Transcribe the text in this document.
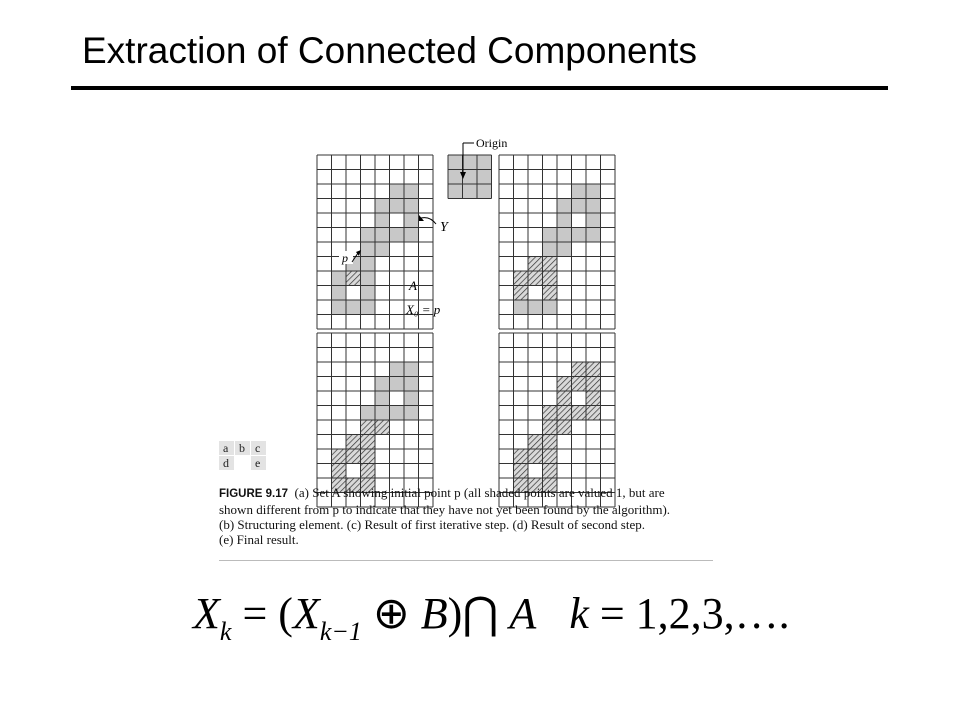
Extraction of Connected Components
Origin
Y
p
A
X₀ = p
a b c
d e
FIGURE 9.17 (a) Set A showing initial point p (all shaded points are valued 1, but are
shown different from p to indicate that they have not yet been found by the algorithm).
(b) Structuring element. (c) Result of first iterative step. (d) Result of second step.
(e) Final result.
$X_k = (X_{k-1}$ ⊕ B)⋂ A k = 1,2,3,….
